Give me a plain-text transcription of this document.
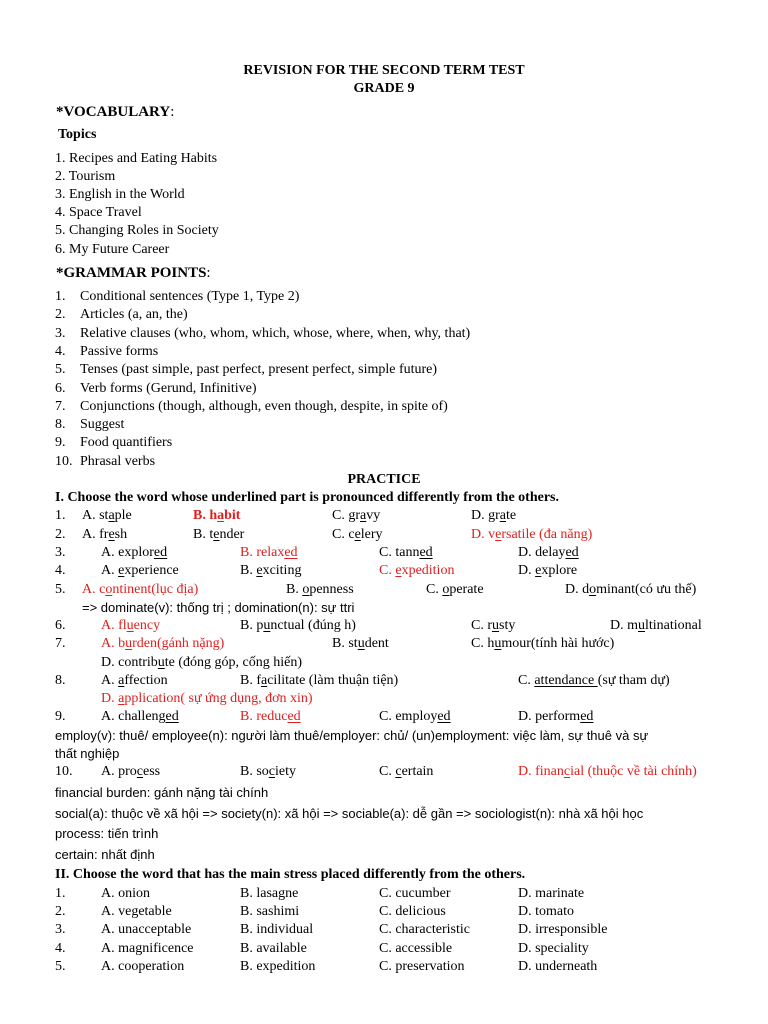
REVISION FOR THE SECOND TERM TEST
GRADE 9
*VOCABULARY:
Topics
1. Recipes and Eating Habits
2. Tourism
3. English in the World
4. Space Travel
5. Changing Roles in Society
6. My Future Career
*GRAMMAR POINTS:
1. Conditional sentences (Type 1, Type 2)
2. Articles (a, an, the)
3. Relative clauses (who, whom, which, whose, where, when, why, that)
4. Passive forms
5. Tenses (past simple, past perfect, present perfect, simple future)
6. Verb forms (Gerund, Infinitive)
7. Conjunctions (though, although, even though, despite, in spite of)
8. Suggest
9. Food quantifiers
10. Phrasal verbs
PRACTICE
I. Choose the word whose underlined part is pronounced differently from the others.
1. A. staple	B. habit	C. gravy	D. grate
2. A. fresh	B. tender	C. celery	D. versatile (đa năng)
3.	A. explored	B. relaxed	C. tanned	D. delayed
4.	A. experience	B. exciting	C. expedition	D. explore
5. A. continent(lục địa)	B. openness	C. operate	D. dominant(có ưu thế)
=> dominate(v): thống trị ; domination(n): sự ttri
6.	A. fluency	B. punctual (đúng h)	C. rusty	D. multinational
7.	A. burden(gánh nặng)	B. student	C. humour(tính hài hước)
D. contribute (đóng góp, cống hiến)
8.	A. affection	B. facilitate (làm thuận tiện)	C. attendance (sự tham dự)
D. application( sự ứng dụng, đơn xin)
9.	A. challenged	B. reduced	C. employed	D. performed
employ(v): thuê/ employee(n): người làm thuê/employer: chủ/ (un)employment: việc làm, sự thuê và sự
thất nghiệp
10. A. process	B. society	C. certain	D. financial (thuộc về tài chính)
financial burden: gánh nặng tài chính
social(a): thuộc về xã hội => society(n): xã hội => sociable(a): dễ gần => sociologist(n): nhà xã hội học
process: tiến trình
certain: nhất định
II. Choose the word that has the main stress placed differently from the others.
1.	A. onion	B. lasagne	C. cucumber	D. marinate
2.	A. vegetable	B. sashimi	C. delicious	D. tomato
3.	A. unacceptable	B. individual	C. characteristic	D. irresponsible
4.	A. magnificence	B. available	C. accessible	D. speciality
5.	A. cooperation	B. expedition	C. preservation	D. underneath
